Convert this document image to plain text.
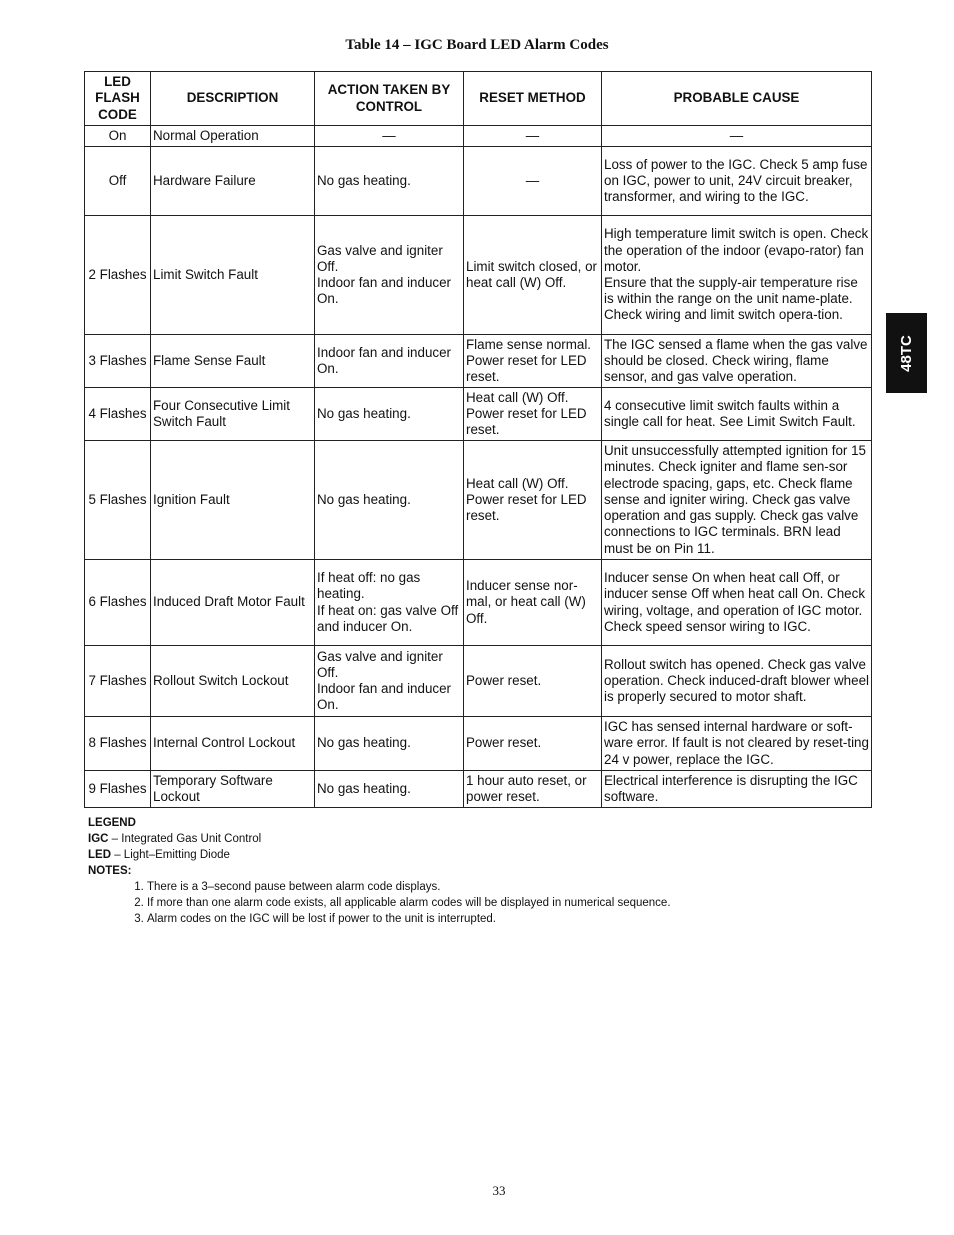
Table 14 – IGC Board LED Alarm Codes
48TC
LED FLASH CODE	DESCRIPTION	ACTION TAKEN BY CONTROL	RESET METHOD	PROBABLE CAUSE
On	Normal Operation	—	—	—
Off	Hardware Failure	No gas heating.	—	Loss of power to the IGC. Check 5 amp fuse on IGC, power to unit, 24V circuit breaker, transformer, and wiring to the IGC.
2 Flashes	Limit Switch Fault	Gas valve and igniter Off.
Indoor fan and inducer On.	Limit switch closed, or heat call (W) Off.	High temperature limit switch is open. Check the operation of the indoor (evapo-rator) fan motor.
Ensure that the supply-air temperature rise is within the range on the unit name-plate. Check wiring and limit switch opera-tion.
3 Flashes	Flame Sense Fault	Indoor fan and inducer On.	Flame sense normal. Power reset for LED reset.	The IGC sensed a flame when the gas valve should be closed. Check wiring, flame sensor, and gas valve operation.
4 Flashes	Four Consecutive Limit Switch Fault	No gas heating.	Heat call (W) Off. Power reset for LED reset.	4 consecutive limit switch faults within a single call for heat. See Limit Switch Fault.
5 Flashes	Ignition Fault	No gas heating.	Heat call (W) Off. Power reset for LED reset.	Unit unsuccessfully attempted ignition for 15 minutes. Check igniter and flame sen-sor electrode spacing, gaps, etc. Check flame sense and igniter wiring. Check gas valve operation and gas supply. Check gas valve connections to IGC terminals. BRN lead must be on Pin 11.
6 Flashes	Induced Draft Motor Fault	If heat off: no gas heating.
If heat on: gas valve Off and inducer On.	Inducer sense nor-mal, or heat call (W) Off.	Inducer sense On when heat call Off, or inducer sense Off when heat call On. Check wiring, voltage, and operation of IGC motor. Check speed sensor wiring to IGC.
7 Flashes	Rollout Switch Lockout	Gas valve and igniter Off.
Indoor fan and inducer On.	Power reset.	Rollout switch has opened. Check gas valve operation. Check induced-draft blower wheel is properly secured to motor shaft.
8 Flashes	Internal Control Lockout	No gas heating.	Power reset.	IGC has sensed internal hardware or soft-ware error. If fault is not cleared by reset-ting 24 v power, replace the IGC.
9 Flashes	Temporary Software Lockout	No gas heating.	1 hour auto reset, or power reset.	Electrical interference is disrupting the IGC software.
LEGEND
IGC – Integrated Gas Unit Control
LED – Light–Emitting Diode
NOTES:
1. There is a 3–second pause between alarm code displays.
2. If more than one alarm code exists, all applicable alarm codes will be displayed in numerical sequence.
3. Alarm codes on the IGC will be lost if power to the unit is interrupted.
33
